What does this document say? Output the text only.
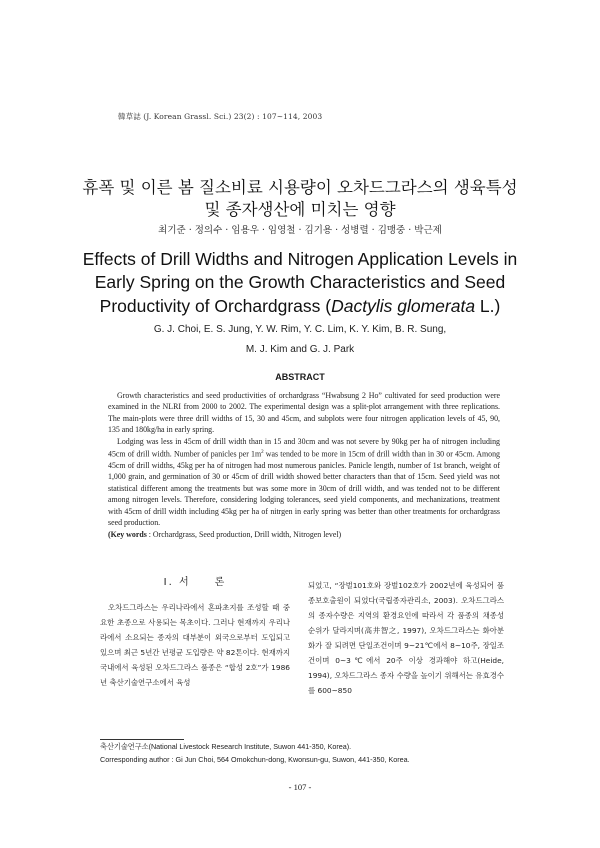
韓草誌 (J. Korean Grassl. Sci.) 23(2) : 107~114, 2003
휴폭 및 이른 봄 질소비료 시용량이 오차드그라스의 생육특성
및 종자생산에 미치는 영향
최기준 · 정의수 · 임용우 · 임영철 · 김기용 · 성병렬 · 김맹중 · 박근제
Effects of Drill Widths and Nitrogen Application Levels in
Early Spring on the Growth Characteristics and Seed
Productivity of Orchardgrass (Dactylis glomerata L.)
G. J. Choi, E. S. Jung, Y. W. Rim, Y. C. Lim, K. Y. Kim, B. R. Sung,
M. J. Kim and G. J. Park
ABSTRACT

Growth characteristics and seed productivities of orchardgrass “Hwabsung 2 Ho” cultivated for seed production were examined in the NLRI from 2000 to 2002. The experimental design was a split-plot arrangement with three replications. The main-plots were three drill widths of 15, 30 and 45cm, and subplots were four nitrogen application levels of 45, 90, 135 and 180kg/ha in early spring.

Lodging was less in 45cm of drill width than in 15 and 30cm and was not severe by 90kg per ha of nitrogen including 45cm of drill width. Number of panicles per $1m^2$ was tended to be more in 15cm of drill width than in 30 or 45cm. Among 45cm of drill widths, 45kg per ha of nitrogen had most numerous panicles. Panicle length, number of 1st branch, weight of 1,000 grain, and germination of 30 or 45cm of drill width showed better characters than that of 15cm. Seed yield was not statistical different among the treatments but was some more in 30cm of drill width, and was tended not to be different among nitrogen levels. Therefore, considering lodging tolerances, seed yield components, and mechanizations, treatment with 45cm of drill width including 45kg per ha of nitrgen in early spring was better than other treatments for orchardgrass seed production.

(Key words : Orchardgrass, Seed production, Drill width, Nitrogen level)

Ⅰ. 서　　론

오차드그라스는 우리나라에서 혼파초지를 조성할 때 중요한 초종으로 사용되는 목초이다. 그러나 현재까지 우리나라에서 소요되는 종자의 대부분이 외국으로부터 도입되고 있으며 최근 5년간 년평균 도입량은 약 82톤이다. 현재까지 국내에서 육성된 오차드그라스 품종은 “합성 2호”가 1986년 축산기술연구소에서 육성

되었고, “장벌101호와 장벌102호가 2002년에 육성되어 품종보호출원이 되었다(국립종자관리소, 2003). 오차드그라스의 종자수량은 지역의 환경요인에 따라서 각 품종의 채종성 순위가 달라지며(高井智之, 1997), 오차드그라스는 화아분화가 잘 되려면 단일조건이며 9~21℃에서 8~10주, 장일조건이며 0~3℃에서 20주 이상 경과해야 하고(Heide, 1994), 오차드그라스 종자 수량을 높이기 위해서는 유효경수를 600~850

축산기술연구소(National Livestock Research Institute, Suwon 441-350, Korea).
Corresponding author : Gi Jun Choi, 564 Omokchun-dong, Kwonsun-gu, Suwon, 441-350, Korea.
- 107 -
